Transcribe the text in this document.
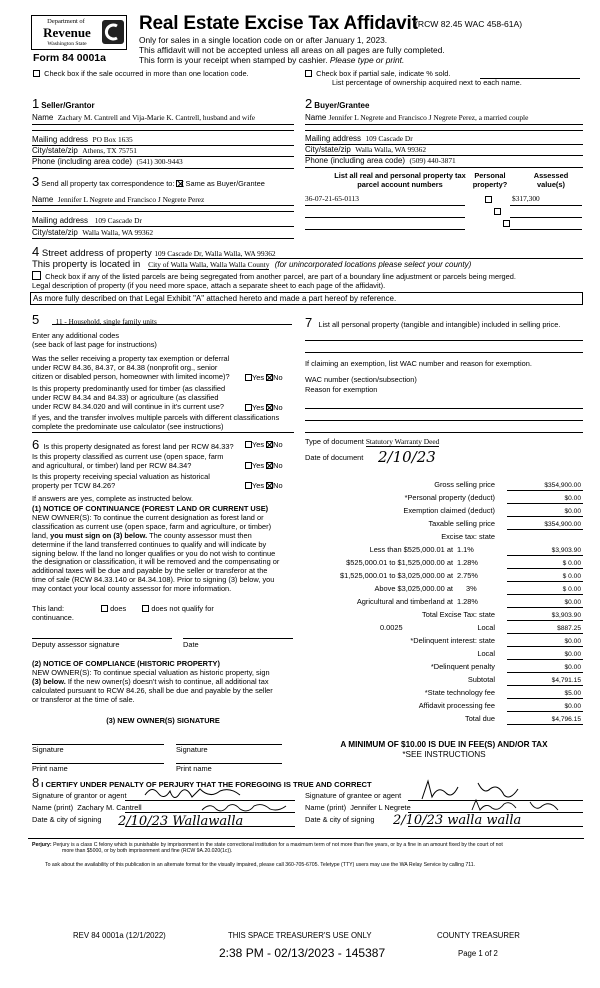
Department of
Revenue
Washington State
Form 84 0001a
Real Estate Excise Tax Affidavit
(RCW 82.45 WAC 458-61A)
Only for sales in a single location code on or after January 1, 2023.
This affidavit will not be accepted unless all areas on all pages are fully completed.
This form is your receipt when stamped by cashier. Please type or print.
Check box if the sale occurred in more than one location code.	Check box if partial sale, indicate % sold.
List percentage of ownership acquired next to each name.
1 Seller/Grantor
Name Zachary M. Cantrell and Vija-Marie K. Cantrell, husband and wife
Mailing address PO Box 1635
City/state/zip Athens, TX 75751
Phone (including area code) (541) 300-9443
2 Buyer/Grantee
Name Jennifer L Negrete and Francisco J Negrete Perez, a married couple
Mailing address 109 Cascade Dr
City/state/zip Walla Walla, WA 99362
Phone (including area code) (509) 440-3871
3 Send all property tax correspondence to: Same as Buyer/Grantee
Name Jennifer L Negrete and Francisco J Negrete Perez
Mailing address 109 Cascade Dr
City/state/zip Walla Walla, WA 99362
List all real and personal property tax
parcel account numbers
Personal
property?
Assessed
value(s)
36-07-21-65-0113
	$317,300
4 Street address of property 109 Cascade Dr, Walla Walla, WA 99362
This property is located in City of Walla Walla, Walla Walla County (for unincorporated locations please select your county)
Check box if any of the listed parcels are being segregated from another parcel, are part of a boundary line adjustment or parcels being merged.
Legal description of property (if you need more space, attach a separate sheet to each page of the affidavit).
As more fully described on that Legal Exhibit "A" attached hereto and made a part hereof by reference.
5 11 - Household, single family units
Enter any additional codes
(see back of last page for instructions)
Was the seller receiving a property tax exemption or deferral
under RCW 84.36, 84.37, or 84.38 (nonprofit org., senior
citizen or disabled person, homeowner with limited income)?	Yes No
Is this property predominantly used for timber (as classified
under RCW 84.34 and 84.33) or agriculture (as classified
under RCW 84.34.020 and will continue in it's current use?	Yes No
If yes, and the transfer involves multiple parcels with different classifications
complete the predominate use calculator (see instructions)
7 List all personal property (tangible and intangible) included in selling price.
If claiming an exemption, list WAC number and reason for exemption.
WAC number (section/subsection)
Reason for exemption
6 Is this property designated as forest land per RCW 84.33?	Yes No
Is this property classified as current use (open space, farm
and agricultural, or timber) land per RCW 84.34?	Yes No
Is this property receiving special valuation as historical
property per TCW 84.26?	Yes No
If answers are yes, complete as instructed below.
(1) NOTICE OF CONTINUANCE (FOREST LAND OR CURRENT USE)
NEW OWNER(S): To continue the current designation as forest land or
classification as current use (open space, farm and agriculture, or timber)
land, you must sign on (3) below. The county assessor must then
determine if the land transferred continues to qualify and will indicate by
signing below. If the land no longer qualifies or you do not wish to continue
the designation or classification, it will be removed and the compensating or
additional taxes will be due and payable by the seller or transferor at the
time of sale (RCW 84.33.140 or 84.34.108). Prior to signing (3) below, you
may contact your local county assessor for more information.
This land:	does	does not qualify for
continuance.
Deputy assessor signature	Date
(2) NOTICE OF COMPLIANCE (HISTORIC PROPERTY)
NEW OWNER(S): To continue special valuation as historic property, sign
(3) below. If the new owner(s) doesn't wish to continue, all additional tax
calculated pursuant to RCW 84.26, shall be due and payable by the seller
or transferor at the time of sale.
(3) NEW OWNER(S) SIGNATURE
Signature	Signature
Print name	Print name
Type of document Statutory Warranty Deed
Date of document 2/10/23
Gross selling price	$354,900.00
*Personal property (deduct)	$0.00
Exemption claimed (deduct)	$0.00
Taxable selling price	$354,900.00
Excise tax: state
Less than $525,000.01 at 1.1%	$3,903.90
$525,000.01 to $1,525,000.00 at 1.28%	$ 0.00
$1,525,000.01 to $3,025,000.00 at 2.75%	$ 0.00
Above $3,025,000.00 at 3%	$ 0.00
Agricultural and timberland at 1.28%	$0.00
Total Excise Tax: state	$3,903.90
0.0025	Local	$887.25
*Delinquent interest: state	$0.00
Local	$0.00
*Delinquent penalty	$0.00
Subtotal	$4,791.15
*State technology fee	$5.00
Affidavit processing fee	$0.00
Total due	$4,796.15
A MINIMUM OF $10.00 IS DUE IN FEE(S) AND/OR TAX
*SEE INSTRUCTIONS
8 I CERTIFY UNDER PENALTY OF PERJURY THAT THE FOREGOING IS TRUE AND CORRECT
Signature of grantor or agent
Name (print) Zachary M. Cantrell
Date & city of signing 2/10/23 Wallawalla
Signature of grantee or agent
Name (print) Jennifer L Negrete
Date & city of signing 2/10/23 walla walla
Perjury: Perjury is a class C felony which is punishable by imprisonment in the state correctional institution for a maximum term of not more than five years, or by a fine in an amount fixed by the court of not
more than $5000, or by both imprisonment and fine (RCW 9A.20.020(1c)).
To ask about the availability of this publication in an alternate format for the visually impaired, please call 360-705-6705. Teletype (TTY) users may use the WA Relay Service by calling 711.
REV 84 0001a (12/1/2022)	THIS SPACE TREASURER'S USE ONLY	COUNTY TREASURER
2:38 PM - 02/13/2023 - 145387	Page 1 of 2
